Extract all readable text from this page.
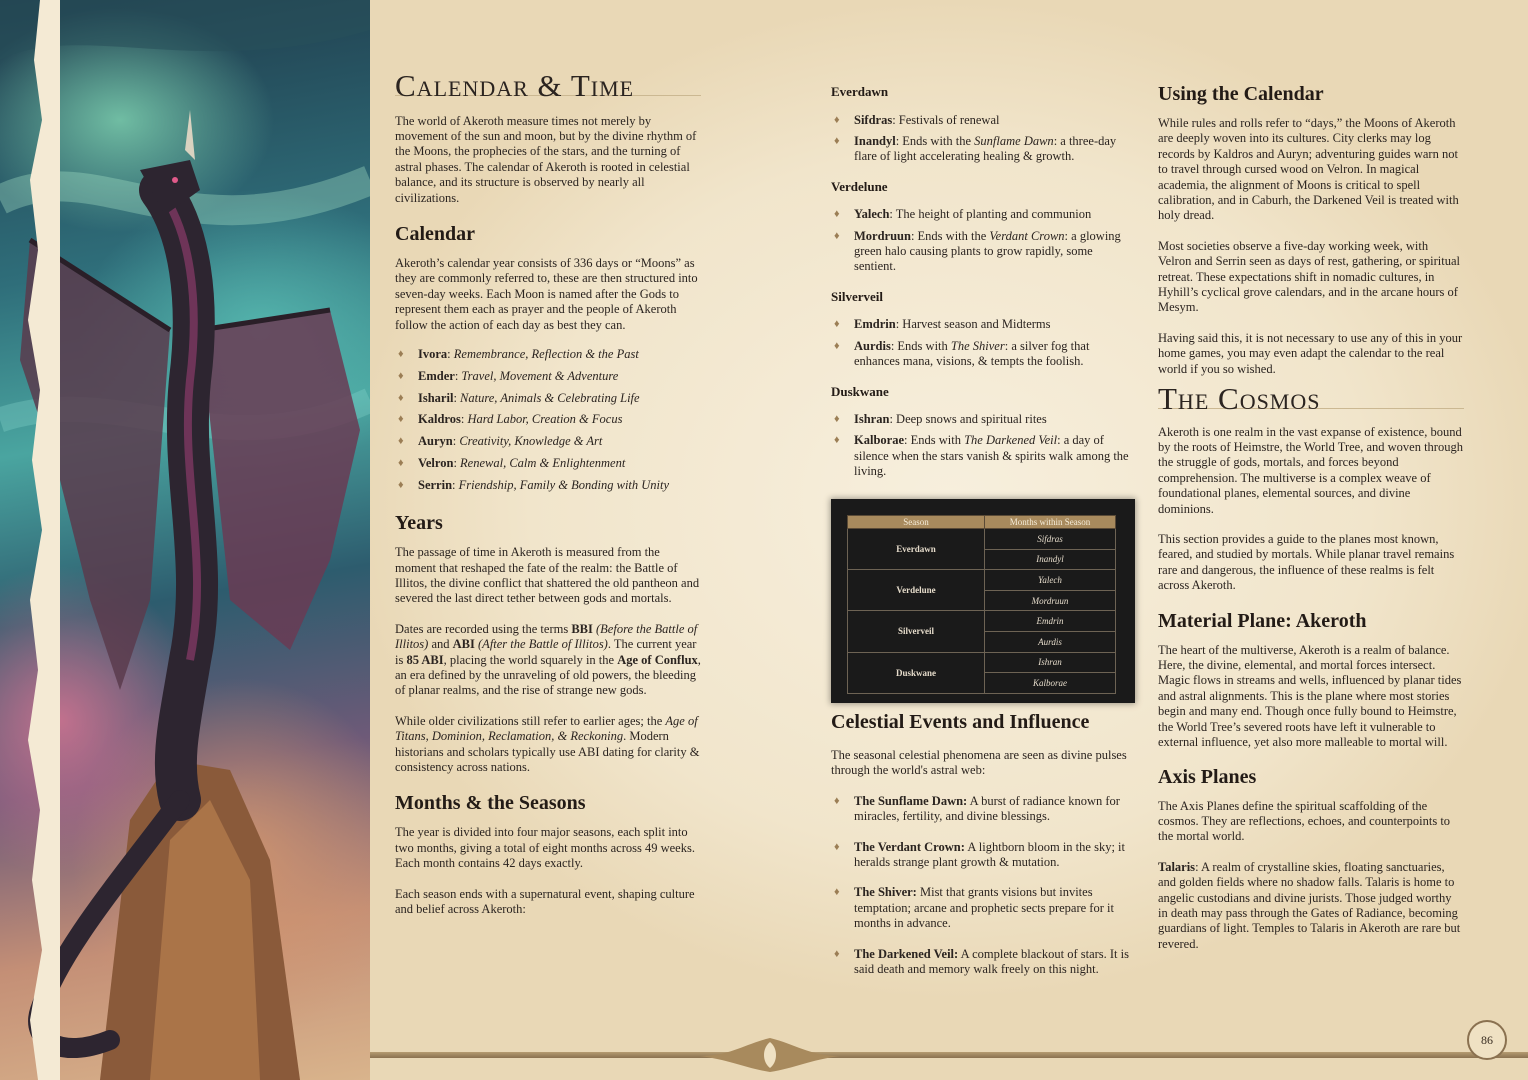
Calendar & Time

The world of Akeroth measure times not merely by movement of the sun and moon, but by the divine rhythm of the Moons, the prophecies of the stars, and the turning of astral phases. The calendar of Akeroth is rooted in celestial balance, and its structure is observed by nearly all civilizations.

Calendar

Akeroth’s calendar year consists of 336 days or “Moons” as they are commonly referred to, these are then structured into seven-day weeks. Each Moon is named after the Gods to represent them each as prayer and the people of Akeroth follow the action of each day as best they can.

♦ Ivora: Remembrance, Reflection & the Past
♦ Emder: Travel, Movement & Adventure
♦ Isharil: Nature, Animals & Celebrating Life
♦ Kaldros: Hard Labor, Creation & Focus
♦ Auryn: Creativity, Knowledge & Art
♦ Velron: Renewal, Calm & Enlightenment
♦ Serrin: Friendship, Family & Bonding with Unity
Years

The passage of time in Akeroth is measured from the moment that reshaped the fate of the realm: the Battle of Illitos, the divine conflict that shattered the old pantheon and severed the last direct tether between gods and mortals.

Dates are recorded using the terms BBI (Before the Battle of Illitos) and ABI (After the Battle of Illitos). The current year is 85 ABI, placing the world squarely in the Age of Conflux, an era defined by the unraveling of old powers, the bleeding of planar realms, and the rise of strange new gods.

While older civilizations still refer to earlier ages; the Age of Titans, Dominion, Reclamation, & Reckoning. Modern historians and scholars typically use ABI dating for clarity & consistency across nations.

Months & the Seasons

The year is divided into four major seasons, each split into two months, giving a total of eight months across 49 weeks. Each month contains 42 days exactly.

Each season ends with a supernatural event, shaping culture and belief across Akeroth:

Everdawn
♦ Sifdras: Festivals of renewal
♦ Inandyl: Ends with the Sunflame Dawn: a three-day flare of light accelerating healing & growth.
Verdelune
♦ Yalech: The height of planting and communion
♦ Mordruun: Ends with the Verdant Crown: a glowing green halo causing plants to grow rapidly, some sentient.
Silverveil
♦ Emdrin: Harvest season and Midterms
♦ Aurdis: Ends with The Shiver: a silver fog that enhances mana, visions, & tempts the foolish.
Duskwane
♦ Ishran: Deep snows and spiritual rites
♦ Kalborae: Ends with The Darkened Veil: a day of silence when the stars vanish & spirits walk among the living.
Celestial Events and Influence

The seasonal celestial phenomena are seen as divine pulses through the world's astral web:

♦ The Sunflame Dawn: A burst of radiance known for miracles, fertility, and divine blessings.
♦ The Verdant Crown: A lightborn bloom in the sky; it heralds strange plant growth & mutation.
♦ The Shiver: Mist that grants visions but invites temptation; arcane and prophetic sects prepare for it months in advance.
♦ The Darkened Veil: A complete blackout of stars. It is said death and memory walk freely on this night.
Using the Calendar

While rules and rolls refer to “days,” the Moons of Akeroth are deeply woven into its cultures. City clerks may log records by Kaldros and Auryn; adventuring guides warn not to travel through cursed wood on Velron. In magical academia, the alignment of Moons is critical to spell calibration, and in Caburh, the Darkened Veil is treated with holy dread.

Most societies observe a five-day working week, with Velron and Serrin seen as days of rest, gathering, or spiritual retreat. These expectations shift in nomadic cultures, in Hyhill’s cyclical grove calendars, and in the arcane hours of Mesym.

Having said this, it is not necessary to use any of this in your home games, you may even adapt the calendar to the real world if you so wished.

The Cosmos

Akeroth is one realm in the vast expanse of existence, bound by the roots of Heimstre, the World Tree, and woven through the struggle of gods, mortals, and forces beyond comprehension. The multiverse is a complex weave of foundational planes, elemental sources, and divine dominions.

This section provides a guide to the planes most known, feared, and studied by mortals. While planar travel remains rare and dangerous, the influence of these realms is felt across Akeroth.

Material Plane: Akeroth

The heart of the multiverse, Akeroth is a realm of balance. Here, the divine, elemental, and mortal forces intersect. Magic flows in streams and wells, influenced by planar tides and astral alignments. This is the plane where most stories begin and many end. Though once fully bound to Heimstre, the World Tree’s severed roots have left it vulnerable to external influence, yet also more malleable to mortal will.

Axis Planes

The Axis Planes define the spiritual scaffolding of the cosmos. They are reflections, echoes, and counterpoints to the mortal world.

Talaris: A realm of crystalline skies, floating sanctuaries, and golden fields where no shadow falls. Talaris is home to angelic custodians and divine jurists. Those judged worthy in death may pass through the Gates of Radiance, becoming guardians of light. Temples to Talaris in Akeroth are rare but revered.

86
Season	Months within Season
Everdawn	Sifdras
	Inandyl
Verdelune	Yalech
	Mordruun
Silverveil	Emdrin
	Aurdis
Duskwane	Ishran
	Kalborae
